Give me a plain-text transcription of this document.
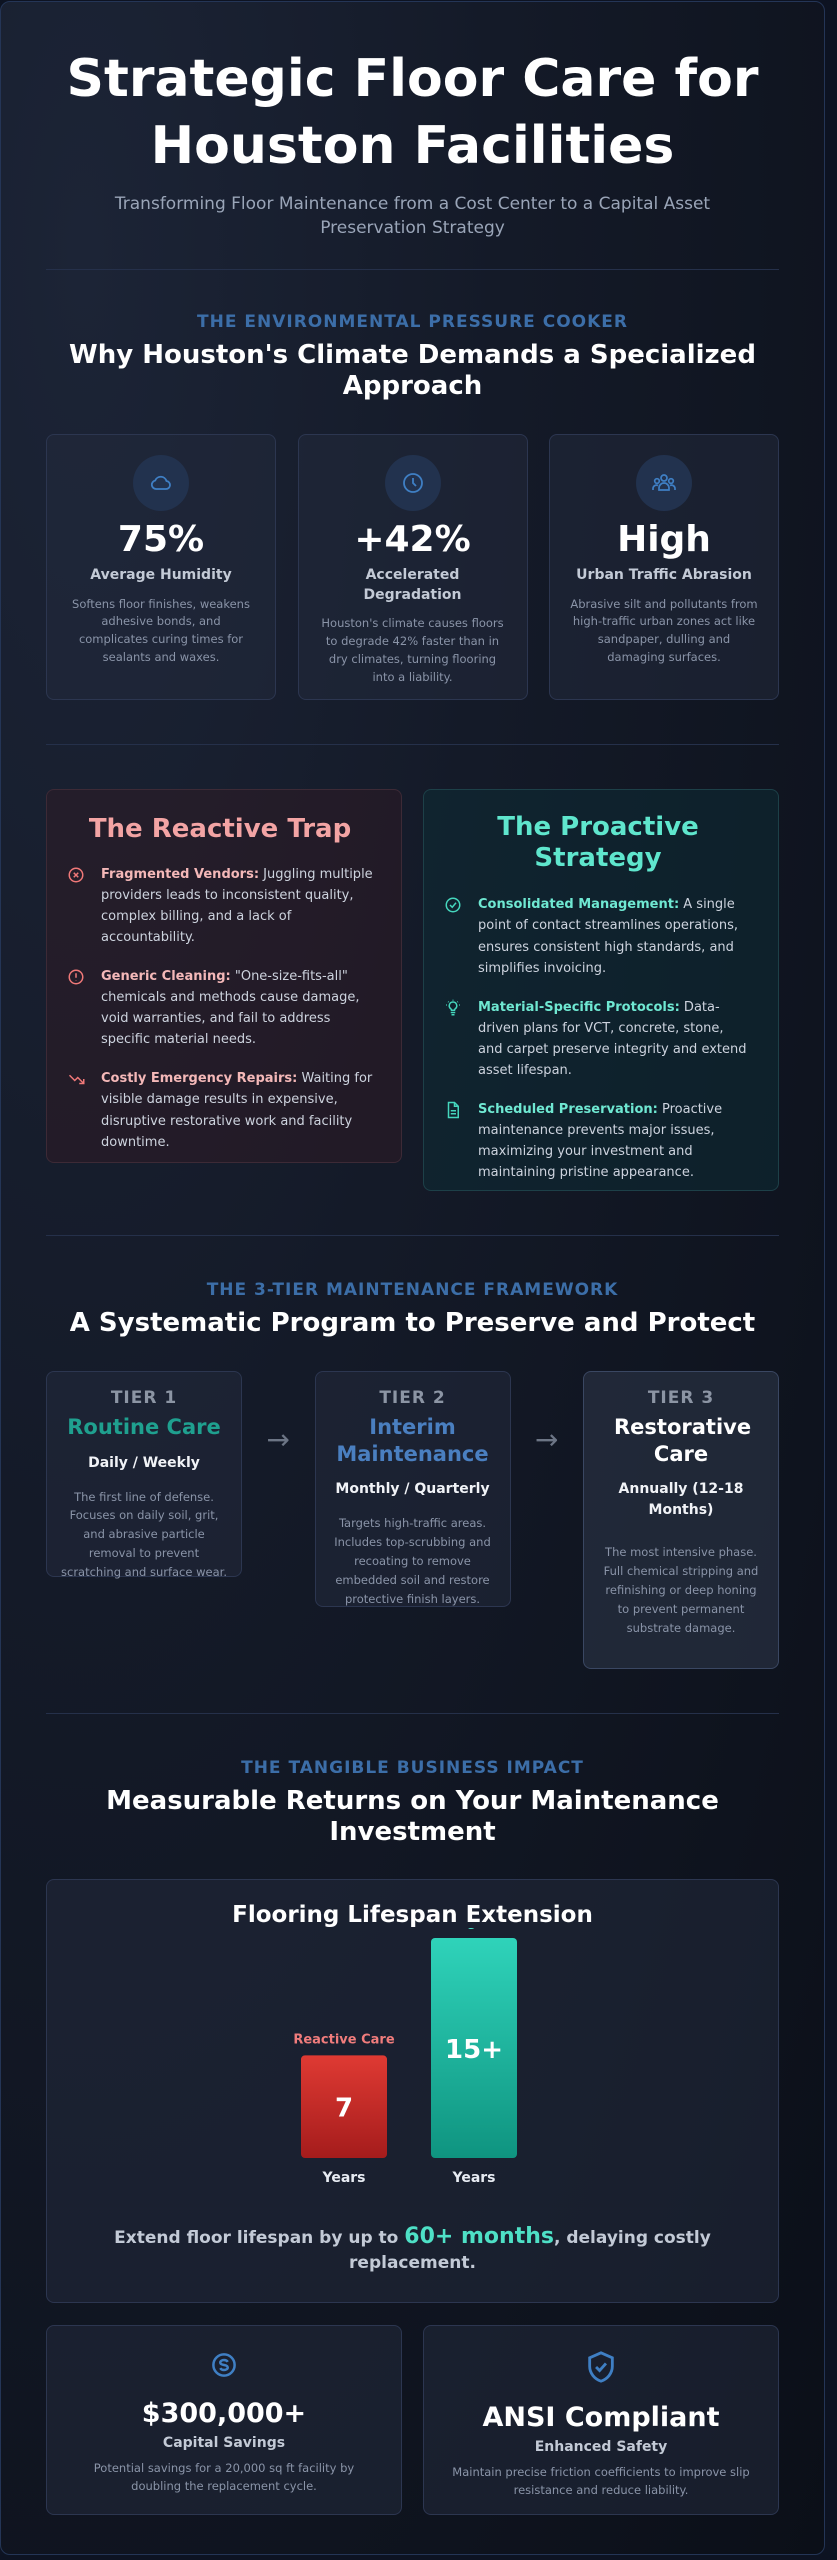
Strategic Floor Care for
Houston Facilities
Transforming Floor Maintenance from a Cost Center to a Capital Asset Preservation Strategy
THE ENVIRONMENTAL PRESSURE COOKER
Why Houston's Climate Demands a Specialized Approach
75%
Average Humidity
Softens floor finishes, weakens adhesive bonds, and complicates curing times for sealants and waxes.
+42%
Accelerated Degradation
Houston's climate causes floors to degrade 42% faster than in dry climates, turning flooring into a liability.
High
Urban Traffic Abrasion
Abrasive silt and pollutants from high-traffic urban zones act like sandpaper, dulling and damaging surfaces.
The Reactive Trap

Fragmented Vendors: Juggling multiple providers leads to inconsistent quality, complex billing, and a lack of accountability.

Generic Cleaning: "One-size-fits-all" chemicals and methods cause damage, void warranties, and fail to address specific material needs.

Costly Emergency Repairs: Waiting for visible damage results in expensive, disruptive restorative work and facility downtime.

The Proactive Strategy

Consolidated Management: A single point of contact streamlines operations, ensures consistent high standards, and simplifies invoicing.

Material-Specific Protocols: Data-driven plans for VCT, concrete, stone, and carpet preserve integrity and extend asset lifespan.

Scheduled Preservation: Proactive maintenance prevents major issues, maximizing your investment and maintaining pristine appearance.

THE 3-TIER MAINTENANCE FRAMEWORK
A Systematic Program to Preserve and Protect
TIER 1
Routine Care
Daily / Weekly
The first line of defense. Focuses on daily soil, grit, and abrasive particle removal to prevent scratching and surface wear.
→
TIER 2
Interim Maintenance
Monthly / Quarterly
Targets high-traffic areas. Includes top-scrubbing and recoating to remove embedded soil and restore protective finish layers.
→
TIER 3
Restorative Care
Annually (12-18 Months)
The most intensive phase. Full chemical stripping and refinishing or deep honing to prevent permanent substrate damage.
THE TANGIBLE BUSINESS IMPACT
Measurable Returns on Your Maintenance Investment
Flooring Lifespan Extension
Reactive Care
7
Years
15+
Years
Extend floor lifespan by up to 60+ months, delaying costly replacement.
$300,000+
Capital Savings
Potential savings for a 20,000 sq ft facility by doubling the replacement cycle.
ANSI Compliant
Enhanced Safety
Maintain precise friction coefficients to improve slip resistance and reduce liability.
